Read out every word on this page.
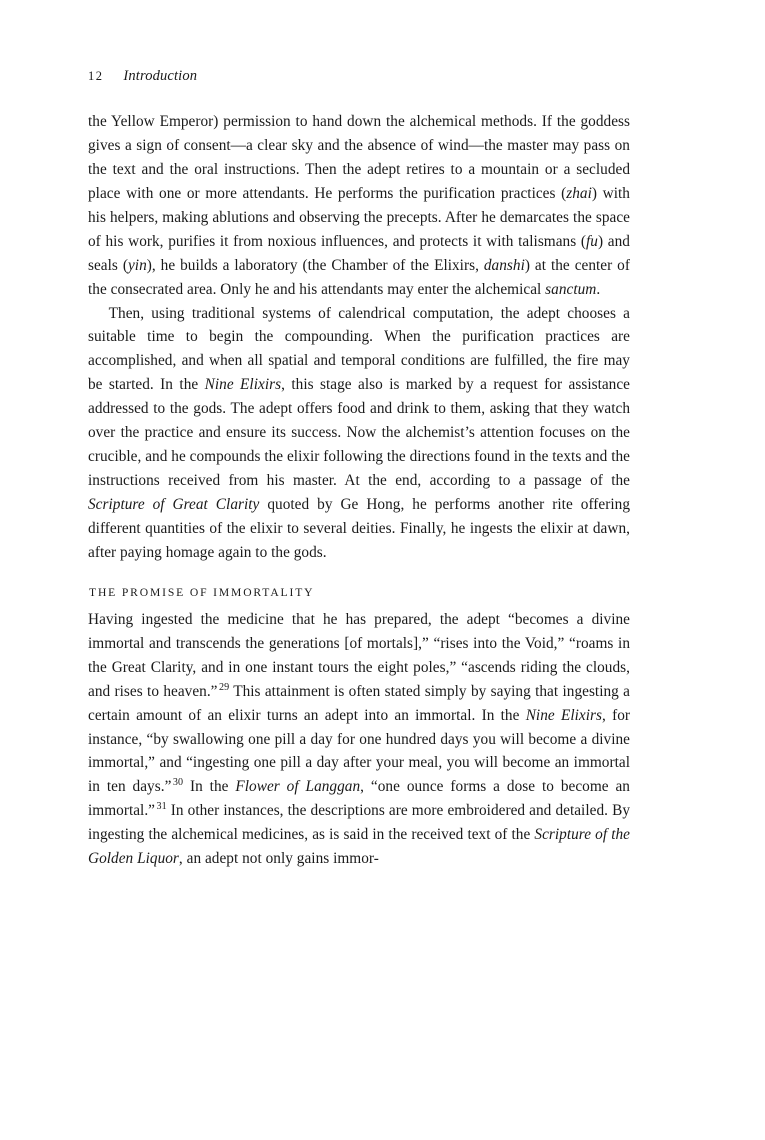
12 Introduction

the Yellow Emperor) permission to hand down the alchemical methods. If the goddess gives a sign of consent—a clear sky and the absence of wind—the master may pass on the text and the oral instructions. Then the adept retires to a mountain or a secluded place with one or more attendants. He performs the purification practices (zhai) with his helpers, making ablutions and observing the precepts. After he demarcates the space of his work, purifies it from noxious influences, and protects it with talismans (fu) and seals (yin), he builds a laboratory (the Chamber of the Elixirs, danshi) at the center of the consecrated area. Only he and his attendants may enter the alchemical sanctum.

Then, using traditional systems of calendrical computation, the adept chooses a suitable time to begin the compounding. When the purification practices are accomplished, and when all spatial and temporal conditions are fulfilled, the fire may be started. In the Nine Elixirs, this stage also is marked by a request for assistance addressed to the gods. The adept offers food and drink to them, asking that they watch over the practice and ensure its success. Now the alchemist’s attention focuses on the crucible, and he compounds the elixir following the directions found in the texts and the instructions received from his master. At the end, according to a passage of the Scripture of Great Clarity quoted by Ge Hong, he performs another rite offering different quantities of the elixir to several deities. Finally, he ingests the elixir at dawn, after paying homage again to the gods.

THE PROMISE OF IMMORTALITY

Having ingested the medicine that he has prepared, the adept “becomes a divine immortal and transcends the generations [of mortals],” “rises into the Void,” “roams in the Great Clarity, and in one instant tours the eight poles,” “ascends riding the clouds, and rises to heaven.” $^{29}$ This attainment is often stated simply by saying that ingesting a certain amount of an elixir turns an adept into an immortal. In the Nine Elixirs, for instance, “by swallowing one pill a day for one hundred days you will become a divine immortal,” and “ingesting one pill a day after your meal, you will become an immortal in ten days.” $^{30}$ In the Flower of Langgan, “one ounce forms a dose to become an immortal.” $^{31}$ In other instances, the descriptions are more embroidered and detailed. By ingesting the alchemical medicines, as is said in the received text of the Scripture of the Golden Liquor, an adept not only gains immor-
